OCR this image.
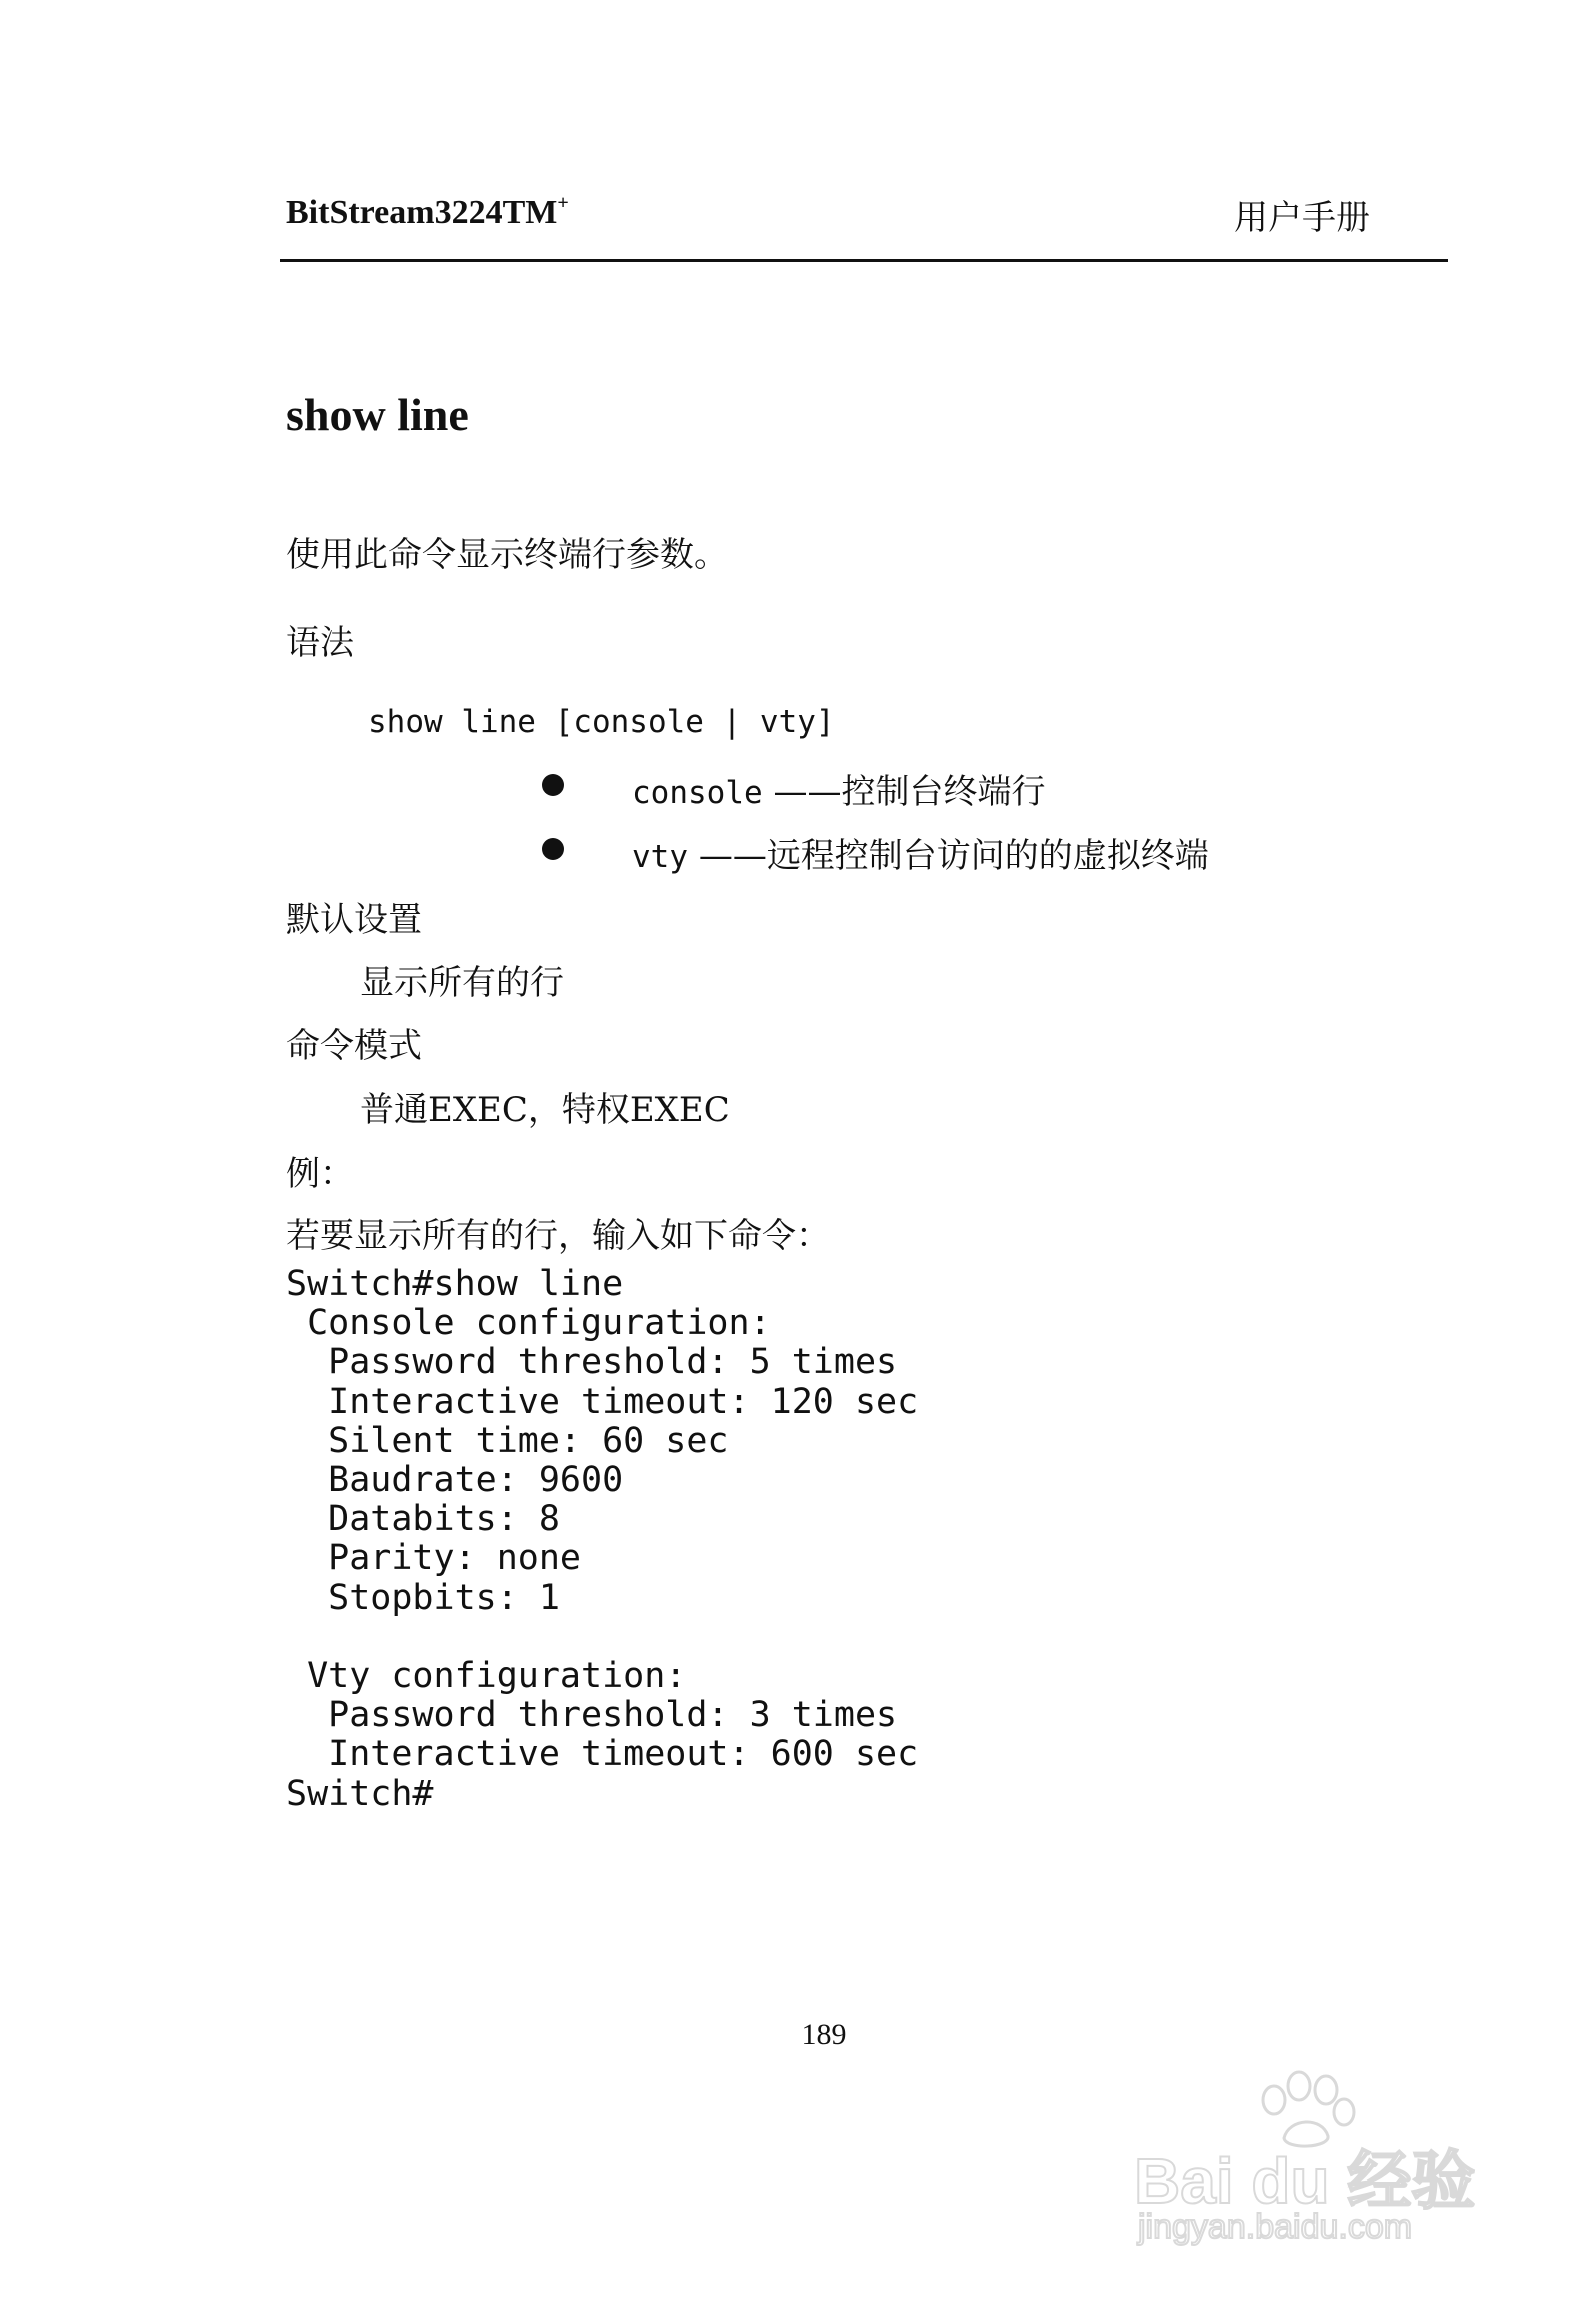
BitStream3224TM+	用户手册
show line
使用此命令显示终端行参数。
语法
show line [console | vty]
console ——控制台终端行
vty ——远程控制台访问的的虚拟终端
默认设置
显示所有的行
命令模式
普通EXEC，特权EXEC
例：
若要显示所有的行，输入如下命令：
Switch#show line
Console configuration:
Password threshold: 5 times
Interactive timeout: 120 sec
Silent time: 60 sec
Baudrate: 9600
Databits: 8
Parity: none
Stopbits: 1

Vty configuration:
Password threshold: 3 times
Interactive timeout: 600 sec
Switch#
189

Bai du 经验

jingyan.baidu.com
